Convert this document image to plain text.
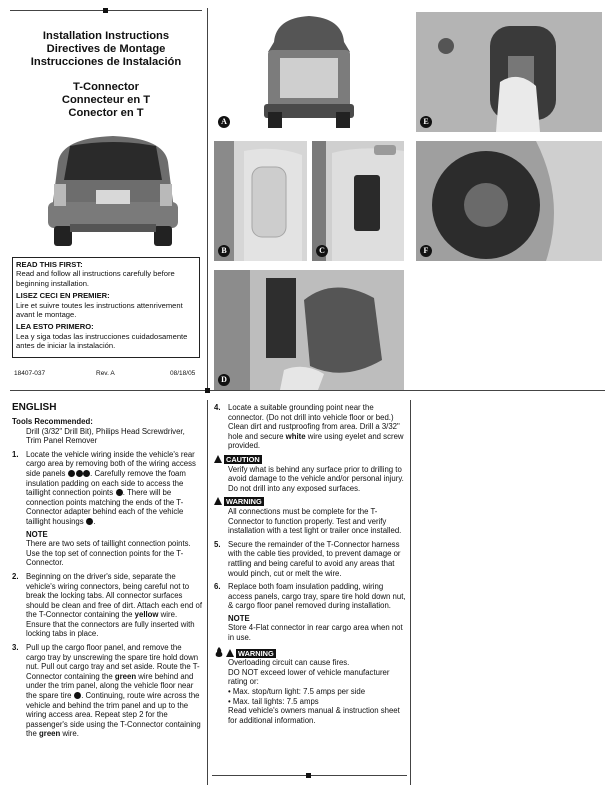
Installation Instructions
Directives de Montage
Instrucciones de Instalación
T-Connector
Connecteur en T
Conector en T
A
B	C
D
E
F
READ THIS FIRST:
Read and follow all instructions carefully before beginning installation.
LISEZ CECI EN PREMIER:
Lire et suivre toutes les instructions attenrivement avant le montage.
LEA ESTO PRIMERO:
Lea y siga todas las instrucciones cuidadosamente antes de iniciar la instalación.
18407-037	Rev. A	08/18/05
ENGLISH
Tools Recommended:
Drill (3/32" Drill Bit), Philips Head Screwdriver, Trim Panel Remover
1. Locate the vehicle wiring inside the vehicle's rear cargo area by removing both of the wiring access side panels	. Carefully remove the foam insulation padding on each side to access the taillight connection points . There will be connection points matching the ends of the T-Connector adapter behind each of the vehicle taillight housings .
NOTE
There are two sets of taillight connection points. Use the top set of connection points for the T-Connector.
2. Beginning on the driver's side, separate the vehicle's wiring connectors, being careful not to break the locking tabs. All connector surfaces should be clean and free of dirt. Attach each end of the T-Connector containing the yellow wire. Ensure that the connectors are fully inserted with locking tabs in place.
3. Pull up the cargo floor panel, and remove the cargo tray by unscrewing the spare tire hold down nut. Pull out cargo tray and set aside. Route the T-Connector containing the green wire behind and under the trim panel, along the vehicle floor near the spare tire . Continuing, route wire across the vehicle and behind the trim panel and up to the wiring access area. Repeat step 2 for the passenger's side using the T-Connector containing the green wire.
4. Locate a suitable grounding point near the connector. (Do not drill into vehicle floor or bed.) Clean dirt and rustproofing from area. Drill a 3/32" hole and secure white wire using eyelet and screw provided.
CAUTION
Verify what is behind any surface prior to drilling to avoid damage to the vehicle and/or personal injury. Do not drill into any exposed surfaces.
WARNING
All connections must be complete for the T-Connector to function properly. Test and verify installation with a test light or trailer once installed.
5. Secure the remainder of the T-Connector harness with the cable ties provided, to prevent damage or rattling and being careful to avoid any areas that would pinch, cut or melt the wire.
6. Replace both foam insulation padding, wiring access panels, cargo tray, spare tire hold down nut, & cargo floor panel removed during installation.
NOTE
Store 4-Flat connector in rear cargo area when not in use.
WARNING
Overloading circuit can cause fires.
DO NOT exceed lower of vehicle manufacturer rating or:
• Max. stop/turn light: 7.5 amps per side
• Max. tail lights: 7.5 amps
Read vehicle's owners manual & instruction sheet for additional information.
